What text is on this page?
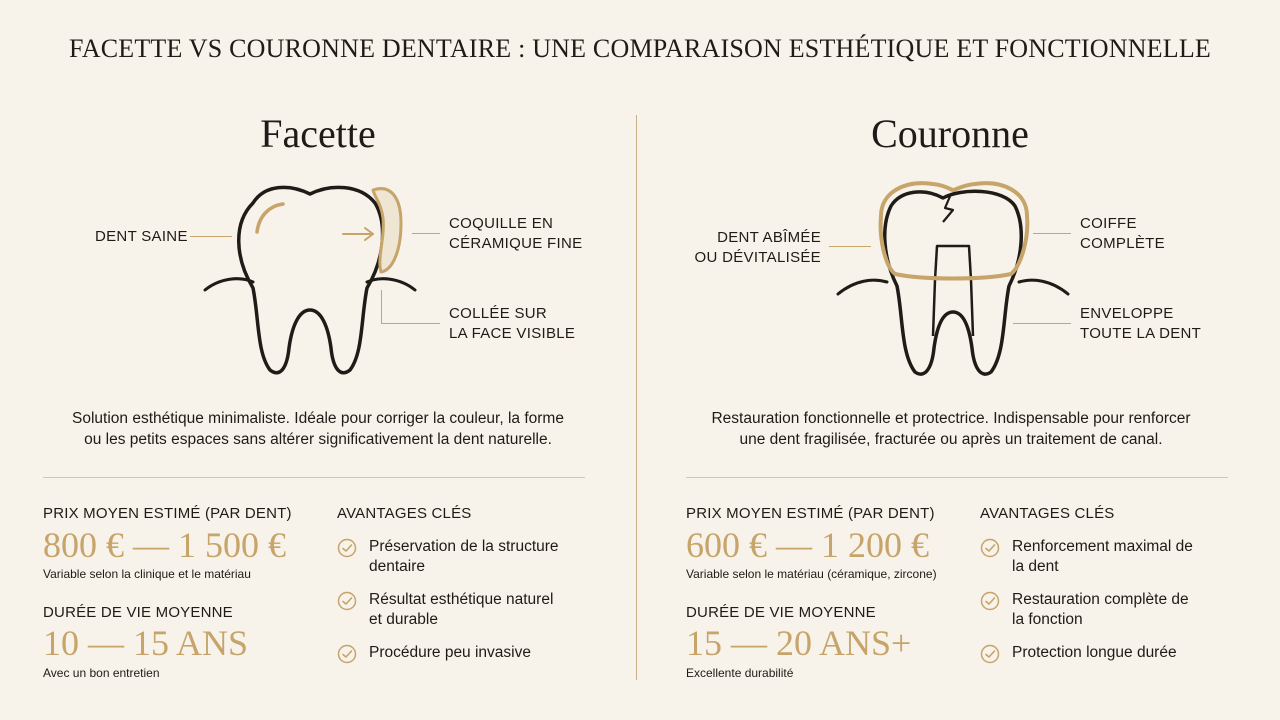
FACETTE VS COURONNE DENTAIRE : UNE COMPARAISON ESTHÉTIQUE ET FONCTIONNELLE
Facette
DENT SAINE
COQUILLE EN
CÉRAMIQUE FINE
COLLÉE SUR
LA FACE VISIBLE
Solution esthétique minimaliste. Idéale pour corriger la couleur, la forme
ou les petits espaces sans altérer significativement la dent naturelle.
PRIX MOYEN ESTIMÉ (PAR DENT)
800 € — 1 500 €
Variable selon la clinique et le matériau
DURÉE DE VIE MOYENNE
10 — 15 ANS
Avec un bon entretien
AVANTAGES CLÉS
Préservation de la structure
dentaire
Résultat esthétique naturel
et durable
Procédure peu invasive
Couronne
DENT ABÎMÉE
OU DÉVITALISÉE
COIFFE
COMPLÈTE
ENVELOPPE
TOUTE LA DENT
Restauration fonctionnelle et protectrice. Indispensable pour renforcer
une dent fragilisée, fracturée ou après un traitement de canal.
PRIX MOYEN ESTIMÉ (PAR DENT)
600 € — 1 200 €
Variable selon le matériau (céramique, zircone)
DURÉE DE VIE MOYENNE
15 — 20 ANS+
Excellente durabilité
AVANTAGES CLÉS
Renforcement maximal de
la dent
Restauration complète de
la fonction
Protection longue durée
